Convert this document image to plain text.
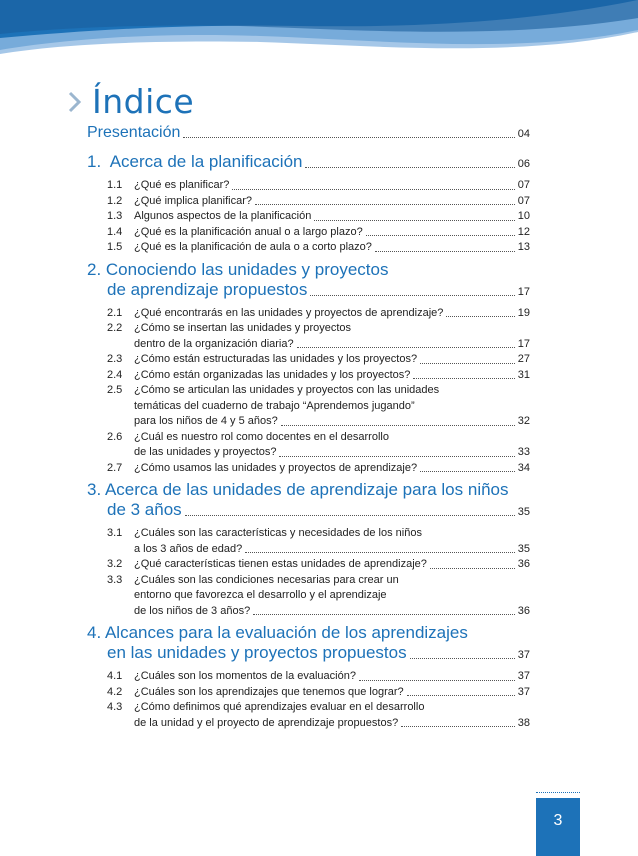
Índice
Presentación	04
1. Acerca de la planificación	06
1.1 ¿Qué es planificar?	07
1.2 ¿Qué implica planificar?	07
1.3 Algunos aspectos de la planificación	10
1.4 ¿Qué es la planificación anual o a largo plazo?	12
1.5 ¿Qué es la planificación de aula o a corto plazo?	13
2. Conociendo las unidades y proyectos
de aprendizaje propuestos	17
2.1 ¿Qué encontrarás en las unidades y proyectos de aprendizaje?	19
2.2 ¿Cómo se insertan las unidades y proyectos
dentro de la organización diaria?	17
2.3 ¿Cómo están estructuradas las unidades y los proyectos?	27
2.4 ¿Cómo están organizadas las unidades y los proyectos?	31
2.5 ¿Cómo se articulan las unidades y proyectos con las unidades
temáticas del cuaderno de trabajo “Aprendemos jugando”
para los niños de 4 y 5 años?	32
2.6 ¿Cuál es nuestro rol como docentes en el desarrollo
de las unidades y proyectos?	33
2.7 ¿Cómo usamos las unidades y proyectos de aprendizaje?	34
3. Acerca de las unidades de aprendizaje para los niños
de 3 años	35
3.1 ¿Cuáles son las características y necesidades de los niños
a los 3 años de edad?	35
3.2 ¿Qué características tienen estas unidades de aprendizaje?	36
3.3 ¿Cuáles son las condiciones necesarias para crear un
entorno que favorezca el desarrollo y el aprendizaje
de los niños de 3 años?	36
4. Alcances para la evaluación de los aprendizajes
en las unidades y proyectos propuestos	37
4.1 ¿Cuáles son los momentos de la evaluación?	37
4.2 ¿Cuáles son los aprendizajes que tenemos que lograr?	37
4.3 ¿Cómo definimos qué aprendizajes evaluar en el desarrollo
de la unidad y el proyecto de aprendizaje propuestos?	38
3
